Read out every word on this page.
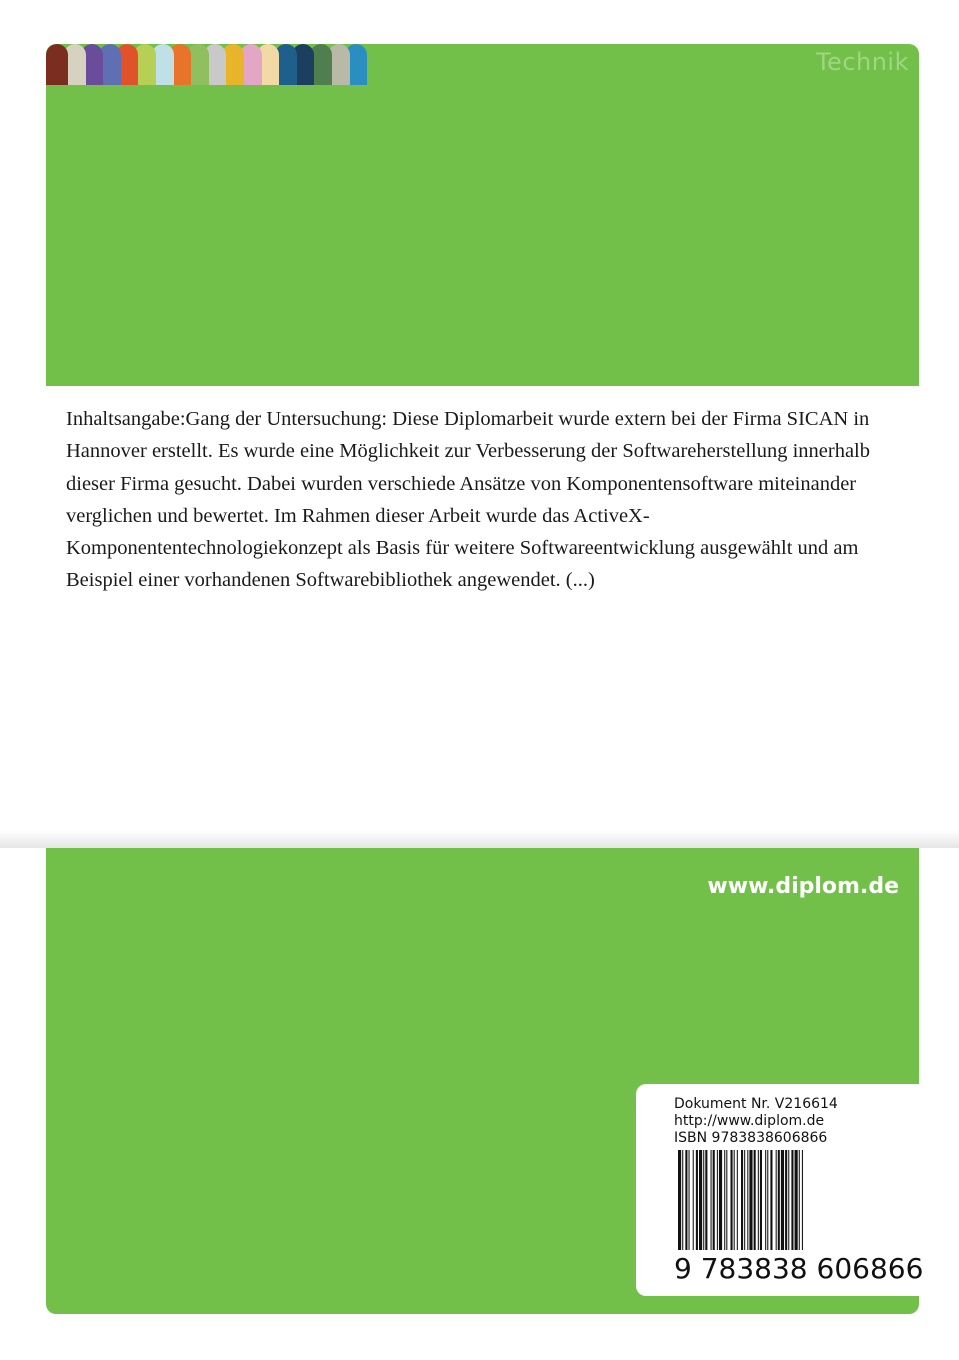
Technik

Inhaltsangabe:Gang der Untersuchung: Diese Diplomarbeit wurde extern bei der Firma SICAN in Hannover erstellt. Es wurde eine Möglichkeit zur Verbesserung der Softwareherstellung innerhalb dieser Firma gesucht. Dabei wurden verschiede Ansätze von Komponentensoftware miteinander verglichen und bewertet. Im Rahmen dieser Arbeit wurde das ActiveX- Komponententechnologiekonzept als Basis für weitere Softwareentwicklung ausgewählt und am Beispiel einer vorhandenen Softwarebibliothek angewendet. (...)

www.diplom.de
Dokument Nr. V216614
http://www.diplom.de
ISBN 9783838606866
9 783838 606866
